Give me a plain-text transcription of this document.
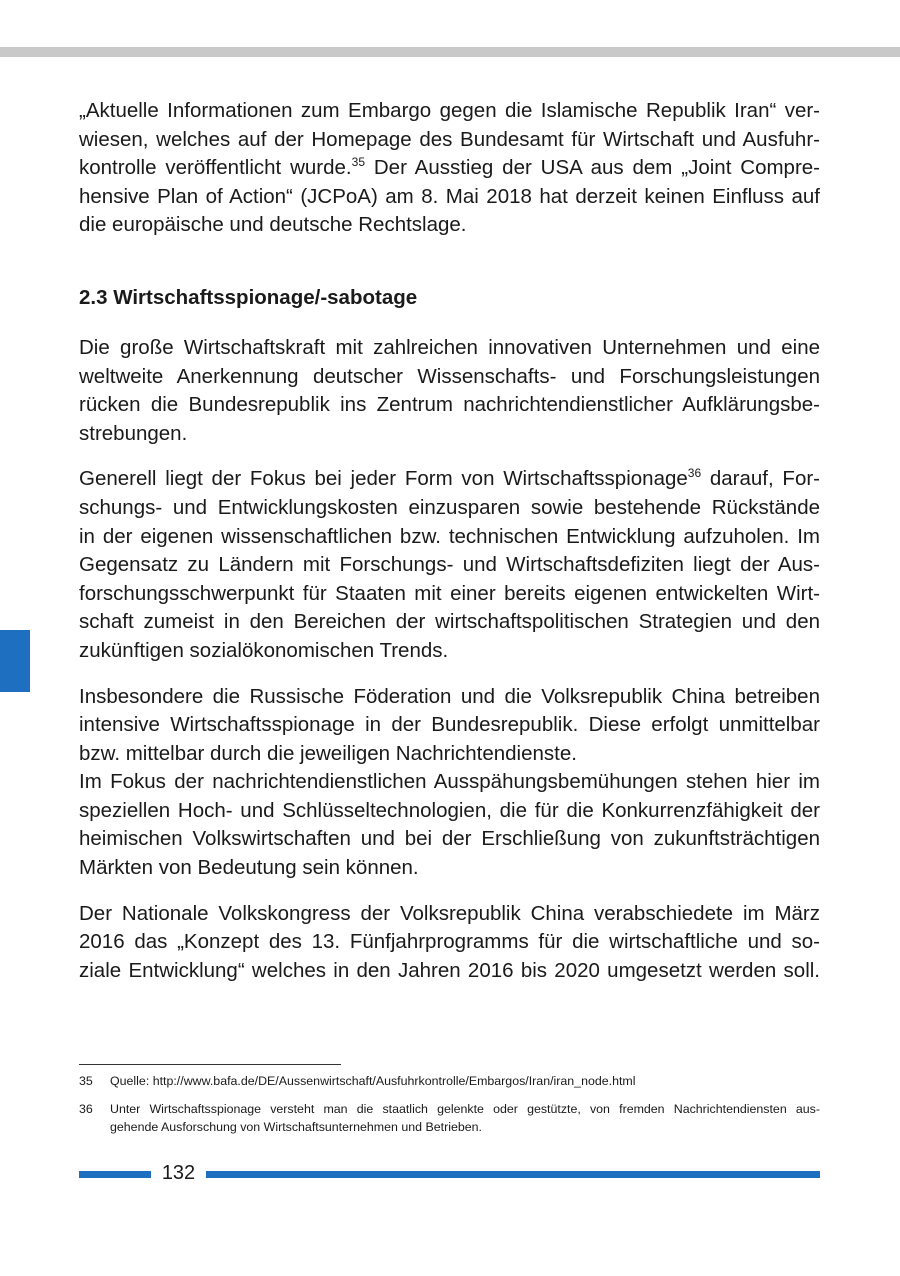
„Aktuelle Informationen zum Embargo gegen die Islamische Republik Iran“ ver-
wiesen, welches auf der Homepage des Bundesamt für Wirtschaft und Ausfuhr-
kontrolle veröffentlicht wurde.$^{35}$ Der Ausstieg der USA aus dem „Joint Compre-
hensive Plan of Action“ (JCPoA) am 8. Mai 2018 hat derzeit keinen Einfluss auf
die europäische und deutsche Rechtslage.

2.3 Wirtschaftsspionage/-sabotage

Die große Wirtschaftskraft mit zahlreichen innovativen Unternehmen und eine
weltweite Anerkennung deutscher Wissenschafts- und Forschungsleistungen
rücken die Bundesrepublik ins Zentrum nachrichtendienstlicher Aufklärungsbe-
strebungen.

Generell liegt der Fokus bei jeder Form von Wirtschaftsspionage$^{36}$ darauf, For-
schungs- und Entwicklungskosten einzusparen sowie bestehende Rückstände
in der eigenen wissenschaftlichen bzw. technischen Entwicklung aufzuholen. Im
Gegensatz zu Ländern mit Forschungs- und Wirtschaftsdefiziten liegt der Aus-
forschungsschwerpunkt für Staaten mit einer bereits eigenen entwickelten Wirt-
schaft zumeist in den Bereichen der wirtschaftspolitischen Strategien und den
zukünftigen sozialökonomischen Trends.

Insbesondere die Russische Föderation und die Volksrepublik China betreiben
intensive Wirtschaftsspionage in der Bundesrepublik. Diese erfolgt unmittelbar
bzw. mittelbar durch die jeweiligen Nachrichtendienste.
Im Fokus der nachrichtendienstlichen Ausspähungsbemühungen stehen hier im
speziellen Hoch- und Schlüsseltechnologien, die für die Konkurrenzfähigkeit der
heimischen Volkswirtschaften und bei der Erschließung von zukunftsträchtigen
Märkten von Bedeutung sein können.

Der Nationale Volkskongress der Volksrepublik China verabschiedete im März
2016 das „Konzept des 13. Fünfjahrprogramms für die wirtschaftliche und so-
ziale Entwicklung“ welches in den Jahren 2016 bis 2020 umgesetzt werden soll.

35 Quelle: http://www.bafa.de/DE/Aussenwirtschaft/Ausfuhrkontrolle/Embargos/Iran/iran_node.html
36 Unter Wirtschaftsspionage versteht man die staatlich gelenkte oder gestützte, von fremden Nachrichtendiensten aus-
gehende Ausforschung von Wirtschaftsunternehmen und Betrieben.
132
